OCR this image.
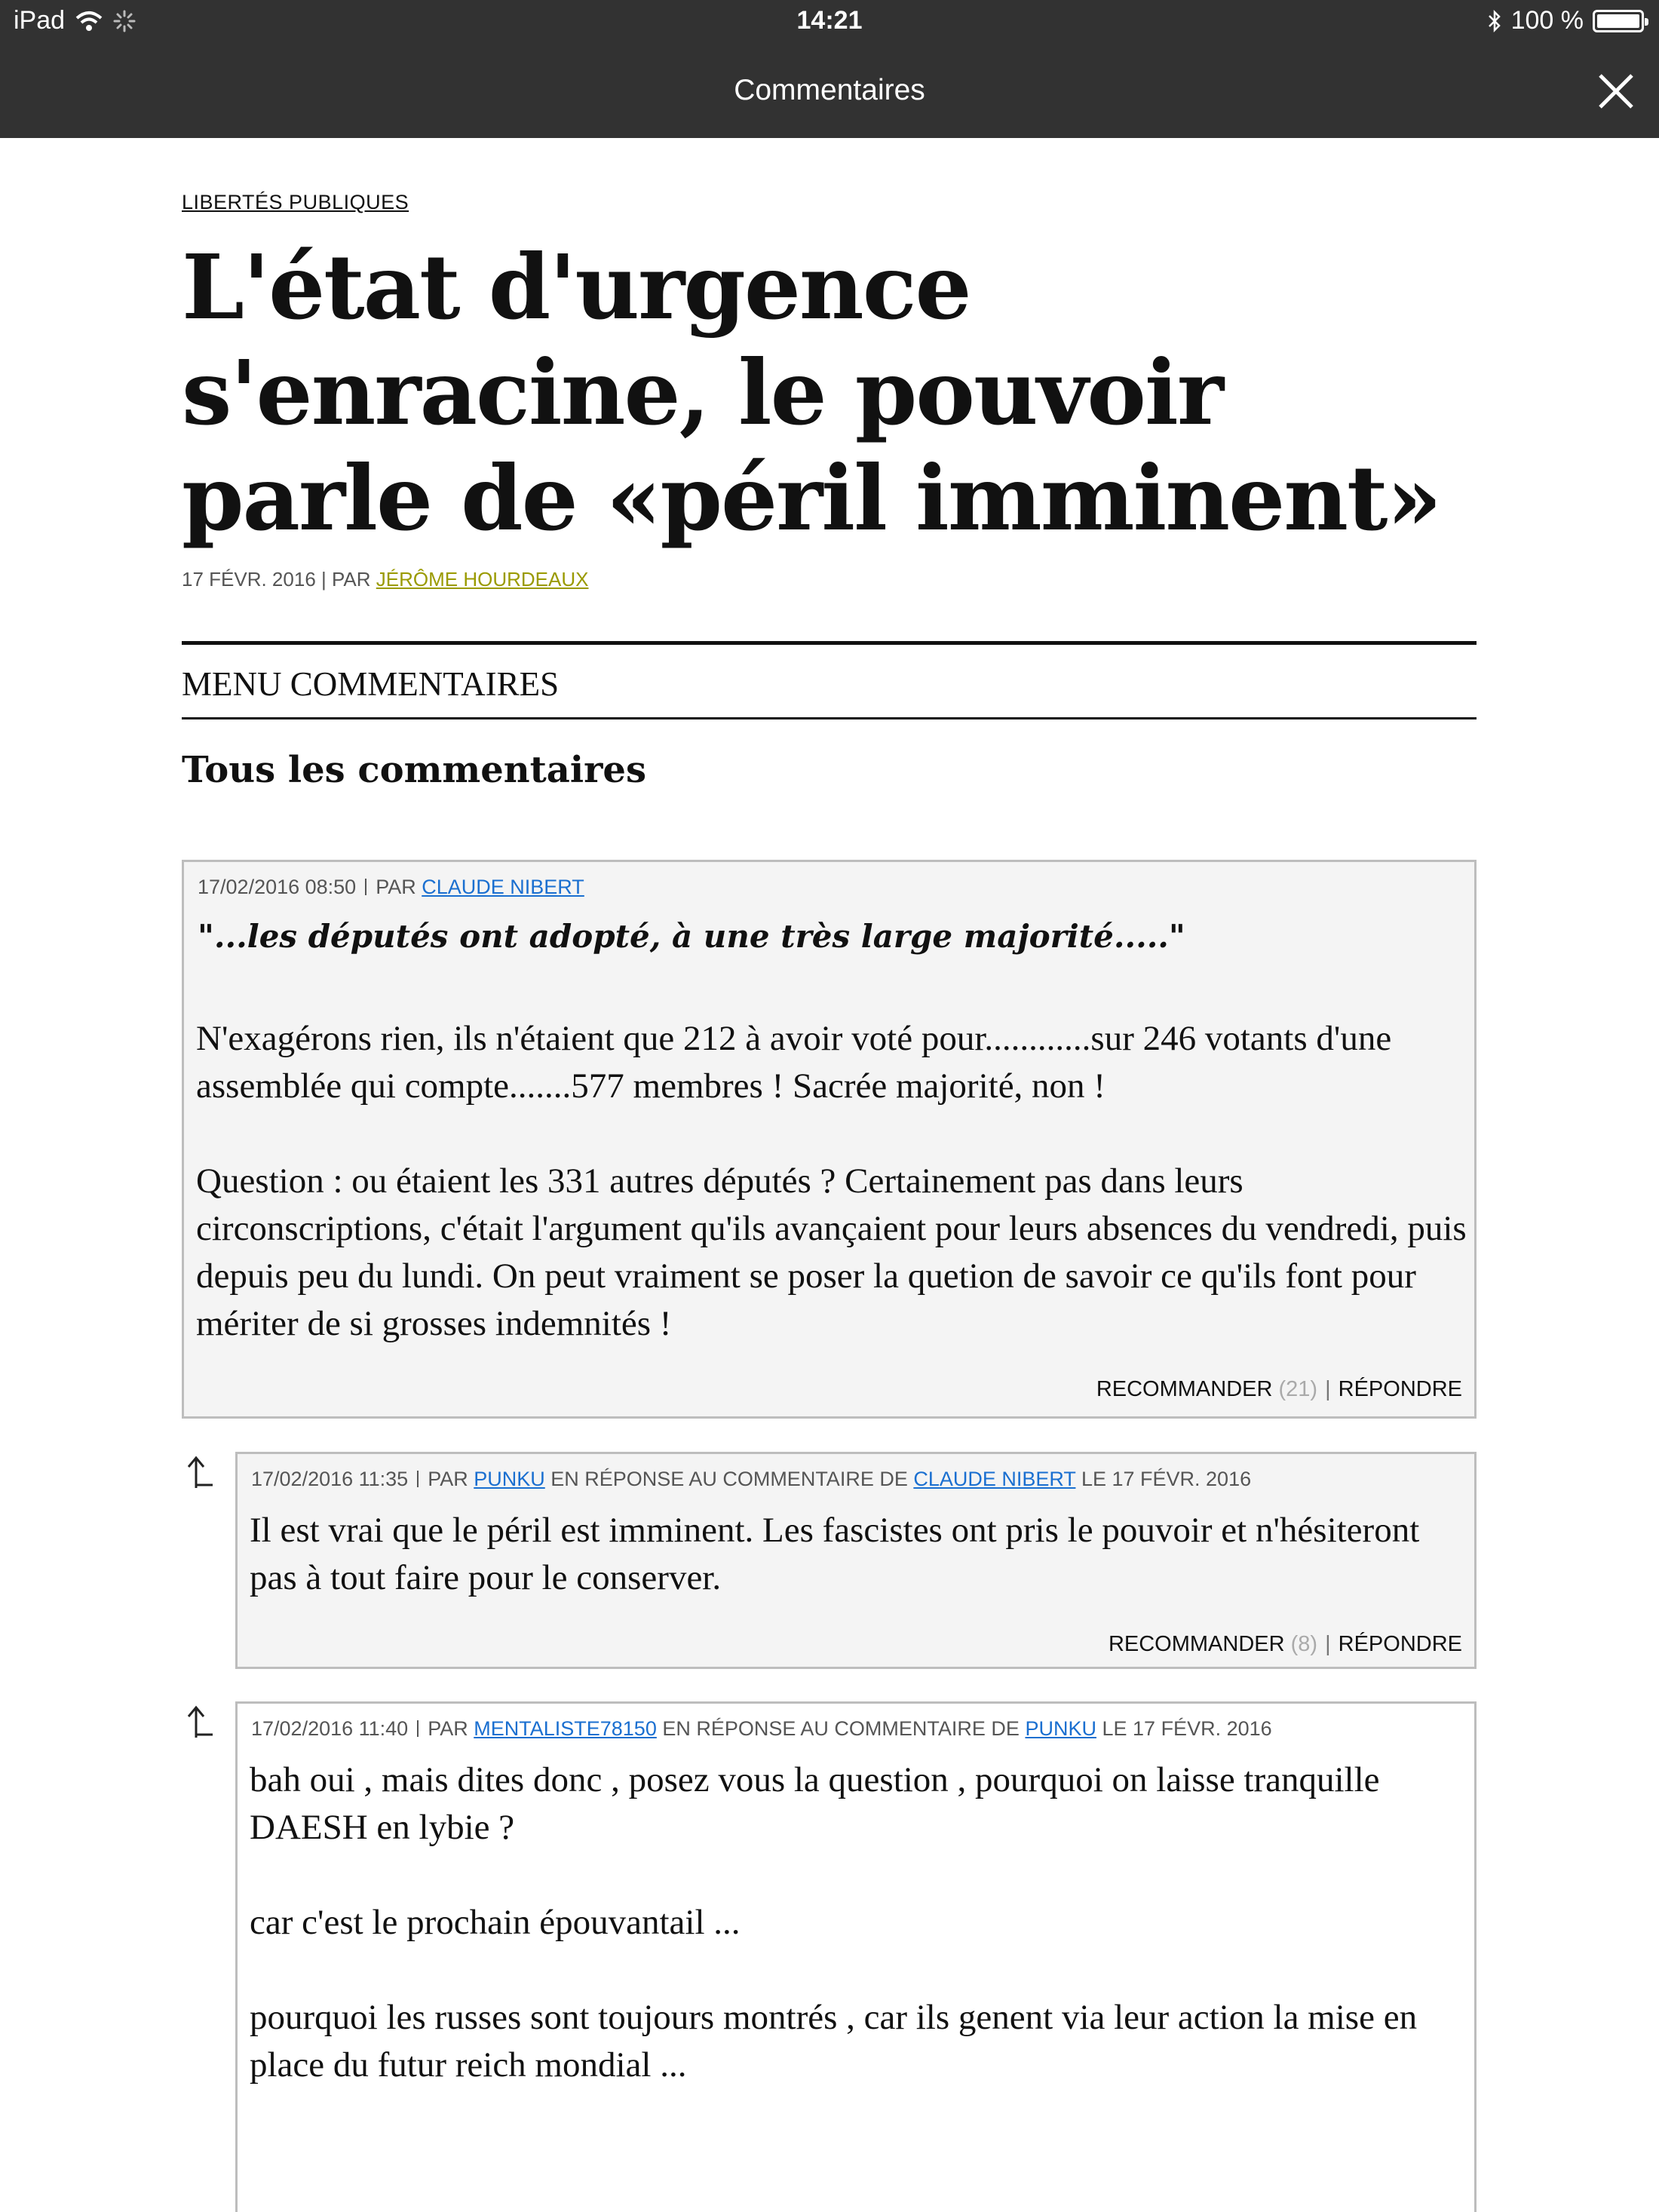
iPad	14:21	100 %
Commentaires
LIBERTÉS PUBLIQUES
L'état d'urgence s'enracine, le pouvoir parle de «péril imminent»
17 FÉVR. 2016 | PAR JÉRÔME HOURDEAUX
MENU COMMENTAIRES
Tous les commentaires
17/02/2016 08:50 PAR CLAUDE NIBERT
"...les députés ont adopté, à une très large majorité....."

N'exagérons rien, ils n'étaient que 212 à avoir voté pour............sur 246 votants d'une assemblée qui compte.......577 membres ! Sacrée majorité, non !

Question : ou étaient les 331 autres députés ? Certainement pas dans leurs circonscriptions, c'était l'argument qu'ils avançaient pour leurs absences du vendredi, puis depuis peu du lundi. On peut vraiment se poser la quetion de savoir ce qu'ils font pour mériter de si grosses indemnités !

RECOMMANDER (21) | RÉPONDRE
17/02/2016 11:35 PAR PUNKU EN RÉPONSE AU COMMENTAIRE DE CLAUDE NIBERT LE 17 FÉVR. 2016

Il est vrai que le péril est imminent. Les fascistes ont pris le pouvoir et n'hésiteront pas à tout faire pour le conserver.

RECOMMANDER (8) | RÉPONDRE
17/02/2016 11:40 PAR MENTALISTE78150 EN RÉPONSE AU COMMENTAIRE DE PUNKU LE 17 FÉVR. 2016

bah oui , mais dites donc , posez vous la question , pourquoi on laisse tranquille DAESH en lybie ?

car c'est le prochain épouvantail ...

pourquoi les russes sont toujours montrés , car ils genent via leur action la mise en place du futur reich mondial ...
